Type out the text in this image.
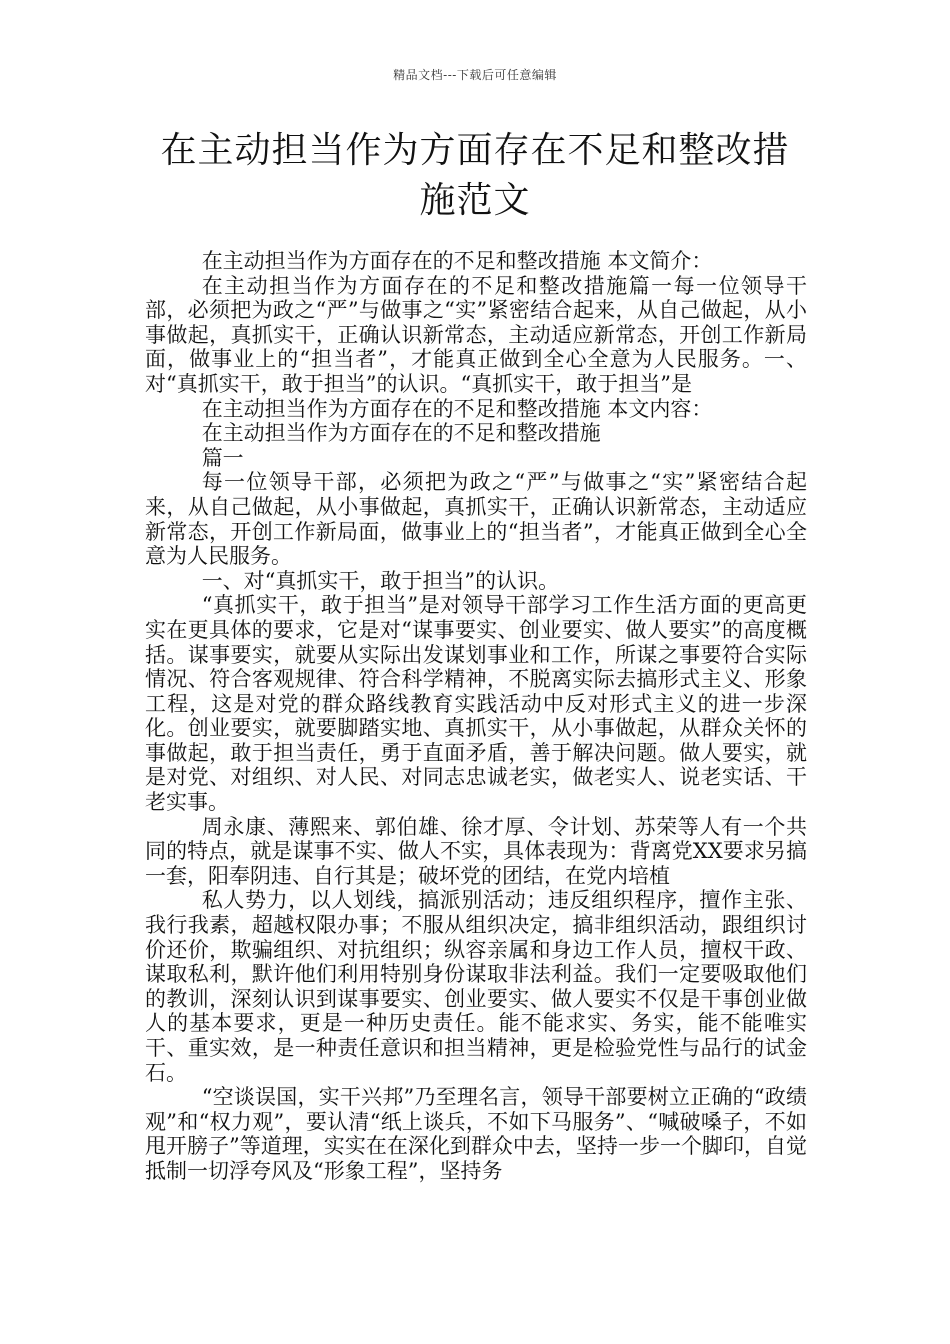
精品文档---下载后可任意编辑
在主动担当作为方面存在不足和整改措施范文

在主动担当作为方面存在的不足和整改措施 本文简介：

在主动担当作为方面存在的不足和整改措施篇一每一位领导干部，必须把为政之“严”与做事之“实”紧密结合起来，从自己做起，从小事做起，真抓实干，正确认识新常态，主动适应新常态，开创工作新局面，做事业上的“担当者”，才能真正做到全心全意为人民服务。一、对“真抓实干，敢于担当”的认识。“真抓实干，敢于担当”是

在主动担当作为方面存在的不足和整改措施 本文内容：

在主动担当作为方面存在的不足和整改措施

篇一

每一位领导干部，必须把为政之“严”与做事之“实”紧密结合起来，从自己做起，从小事做起，真抓实干，正确认识新常态，主动适应新常态，开创工作新局面，做事业上的“担当者”，才能真正做到全心全意为人民服务。

一、对“真抓实干，敢于担当”的认识。

“真抓实干，敢于担当”是对领导干部学习工作生活方面的更高更实在更具体的要求，它是对“谋事要实、创业要实、做人要实”的高度概括。谋事要实，就要从实际出发谋划事业和工作，所谋之事要符合实际情况、符合客观规律、符合科学精神，不脱离实际去搞形式主义、形象工程，这是对党的群众路线教育实践活动中反对形式主义的进一步深化。创业要实，就要脚踏实地、真抓实干，从小事做起，从群众关怀的事做起，敢于担当责任，勇于直面矛盾，善于解决问题。做人要实，就是对党、对组织、对人民、对同志忠诚老实，做老实人、说老实话、干老实事。

周永康、薄熙来、郭伯雄、徐才厚、令计划、苏荣等人有一个共同的特点，就是谋事不实、做人不实，具体表现为：背离党XX要求另搞一套，阳奉阴违、自行其是；破坏党的团结，在党内培植

私人势力，以人划线，搞派别活动；违反组织程序，擅作主张、我行我素，超越权限办事；不服从组织决定，搞非组织活动，跟组织讨价还价，欺骗组织、对抗组织；纵容亲属和身边工作人员，擅权干政、谋取私利，默许他们利用特别身份谋取非法利益。我们一定要吸取他们的教训，深刻认识到谋事要实、创业要实、做人要实不仅是干事创业做人的基本要求，更是一种历史责任。能不能求实、务实，能不能唯实干、重实效，是一种责任意识和担当精神，更是检验党性与品行的试金石。

“空谈误国，实干兴邦”乃至理名言，领导干部要树立正确的“政绩观”和“权力观”，要认清“纸上谈兵，不如下马服务”、“喊破嗓子，不如甩开膀子”等道理，实实在在深化到群众中去，坚持一步一个脚印，自觉抵制一切浮夸风及“形象工程”，坚持务
